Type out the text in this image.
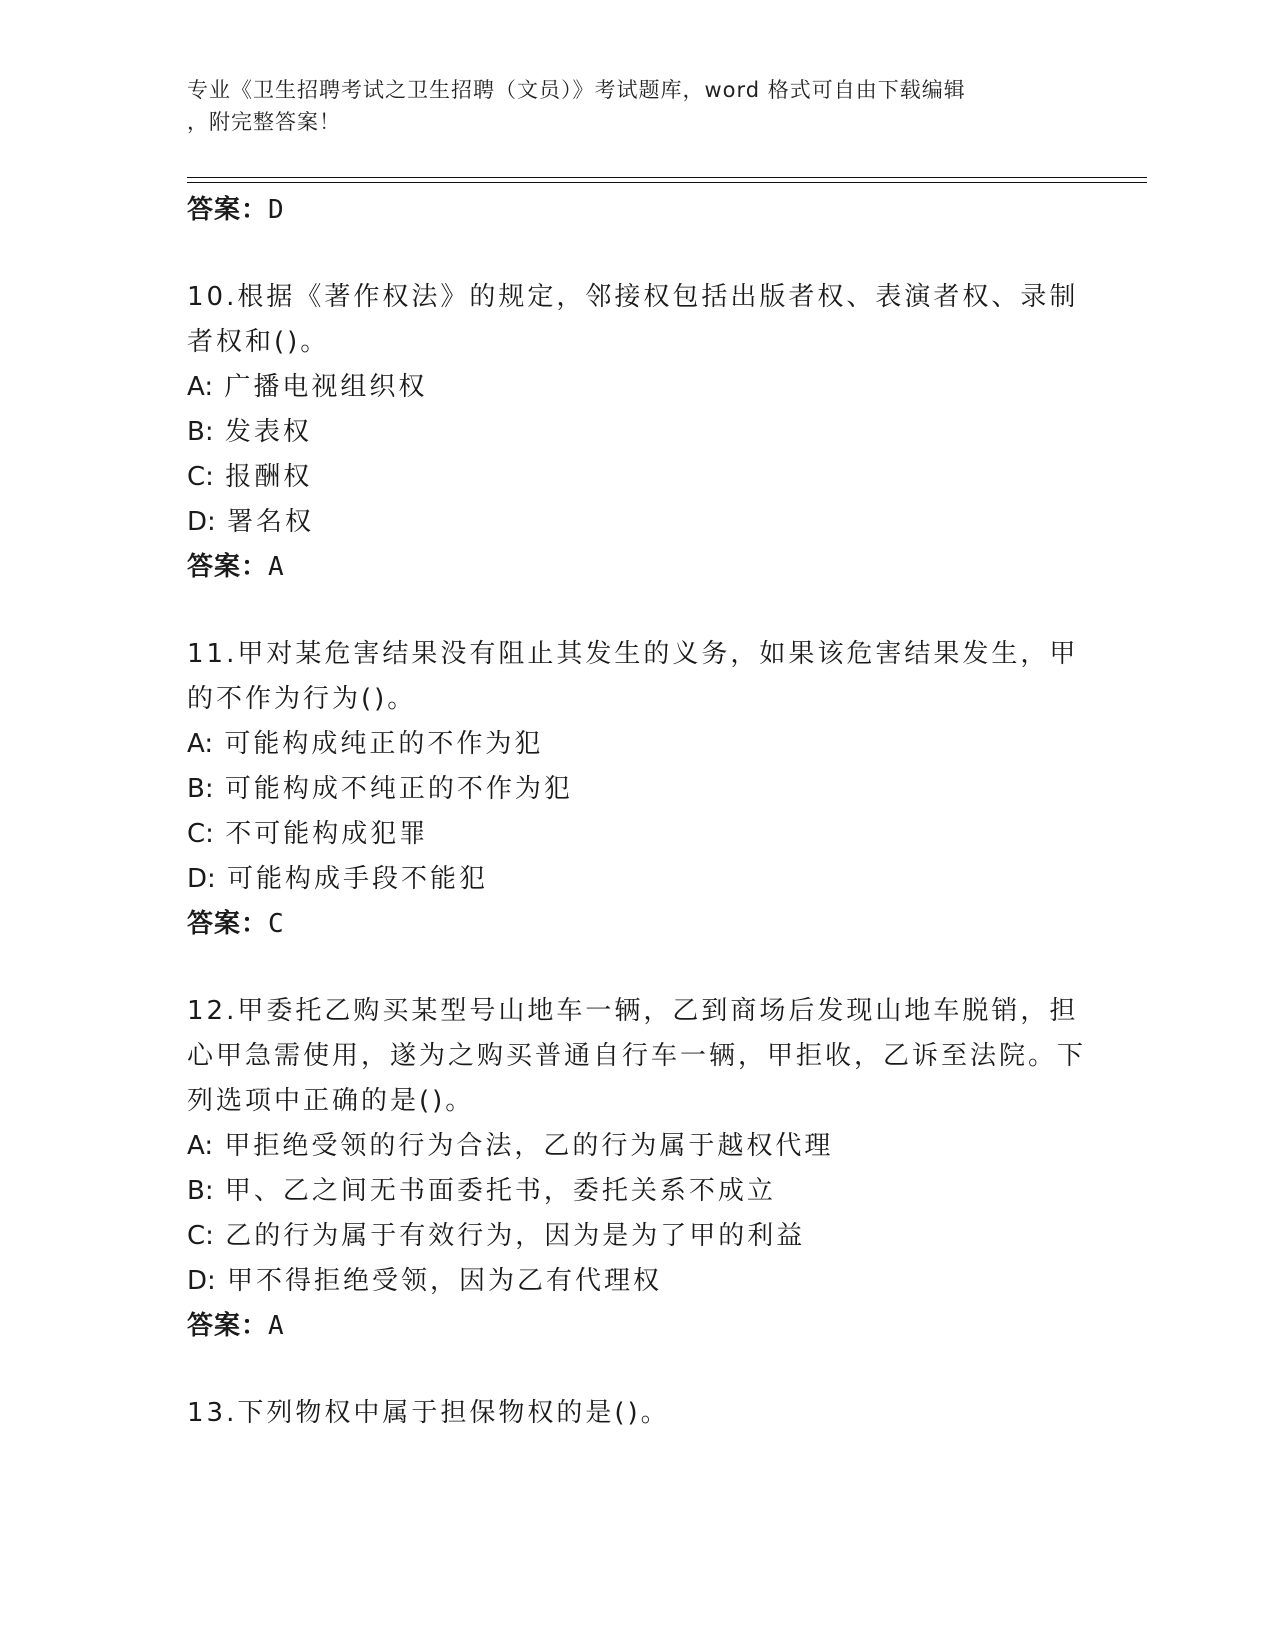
专业《卫生招聘考试之卫生招聘（文员）》考试题库，word 格式可自由下载编辑
，附完整答案！
答案：D
10.根据《著作权法》的规定，邻接权包括出版者权、表演者权、录制者权和()。
A: 广播电视组织权
B: 发表权
C: 报酬权
D: 署名权
答案：A
11.甲对某危害结果没有阻止其发生的义务，如果该危害结果发生，甲的不作为行为()。
A: 可能构成纯正的不作为犯
B: 可能构成不纯正的不作为犯
C: 不可能构成犯罪
D: 可能构成手段不能犯
答案：C
12.甲委托乙购买某型号山地车一辆，乙到商场后发现山地车脱销，担心甲急需使用，遂为之购买普通自行车一辆，甲拒收，乙诉至法院。下列选项中正确的是()。
A: 甲拒绝受领的行为合法，乙的行为属于越权代理
B: 甲、乙之间无书面委托书，委托关系不成立
C: 乙的行为属于有效行为，因为是为了甲的利益
D: 甲不得拒绝受领，因为乙有代理权
答案：A
13.下列物权中属于担保物权的是()。
